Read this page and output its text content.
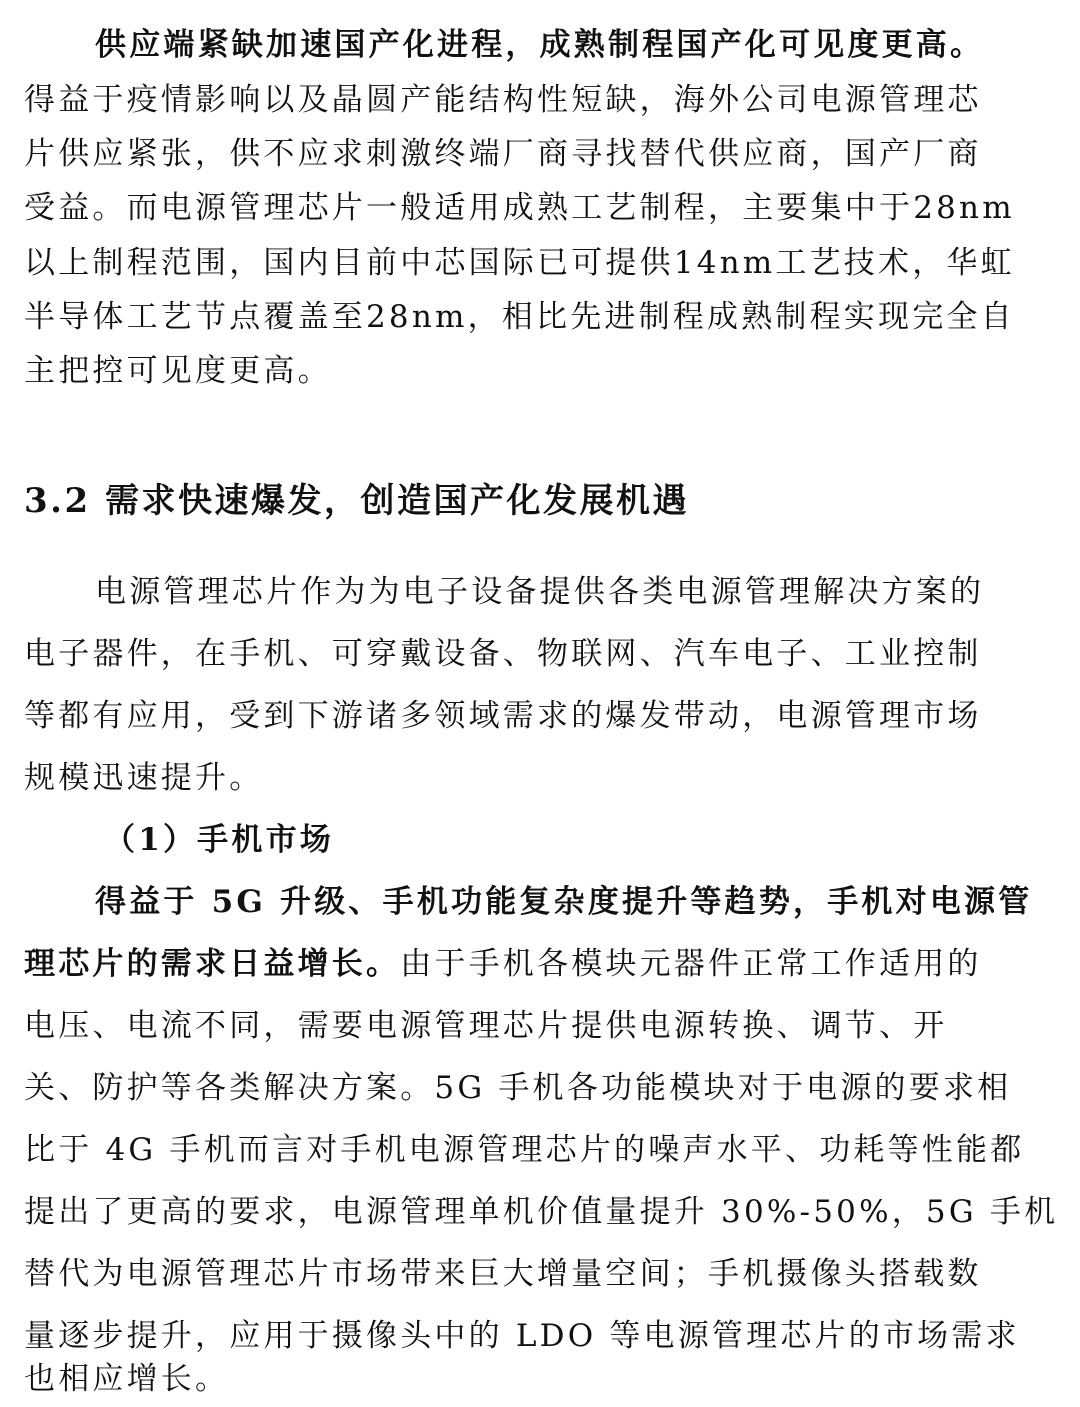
供应端紧缺加速国产化进程，成熟制程国产化可见度更高。
得益于疫情影响以及晶圆产能结构性短缺，海外公司电源管理芯
片供应紧张，供不应求刺激终端厂商寻找替代供应商，国产厂商
受益。而电源管理芯片一般适用成熟工艺制程，主要集中于28nm
以上制程范围，国内目前中芯国际已可提供14nm工艺技术，华虹
半导体工艺节点覆盖至28nm，相比先进制程成熟制程实现完全自
主把控可见度更高。
3.2 需求快速爆发，创造国产化发展机遇
电源管理芯片作为为电子设备提供各类电源管理解决方案的
电子器件，在手机、可穿戴设备、物联网、汽车电子、工业控制
等都有应用，受到下游诸多领域需求的爆发带动，电源管理市场
规模迅速提升。
（1）手机市场
得益于 5G 升级、手机功能复杂度提升等趋势，手机对电源管
理芯片的需求日益增长。由于手机各模块元器件正常工作适用的
电压、电流不同，需要电源管理芯片提供电源转换、调节、开
关、防护等各类解决方案。5G 手机各功能模块对于电源的要求相
比于 4G 手机而言对手机电源管理芯片的噪声水平、功耗等性能都
提出了更高的要求，电源管理单机价值量提升 30%-50%，5G 手机
替代为电源管理芯片市场带来巨大增量空间；手机摄像头搭载数
量逐步提升，应用于摄像头中的 LDO 等电源管理芯片的市场需求
也相应增长。
